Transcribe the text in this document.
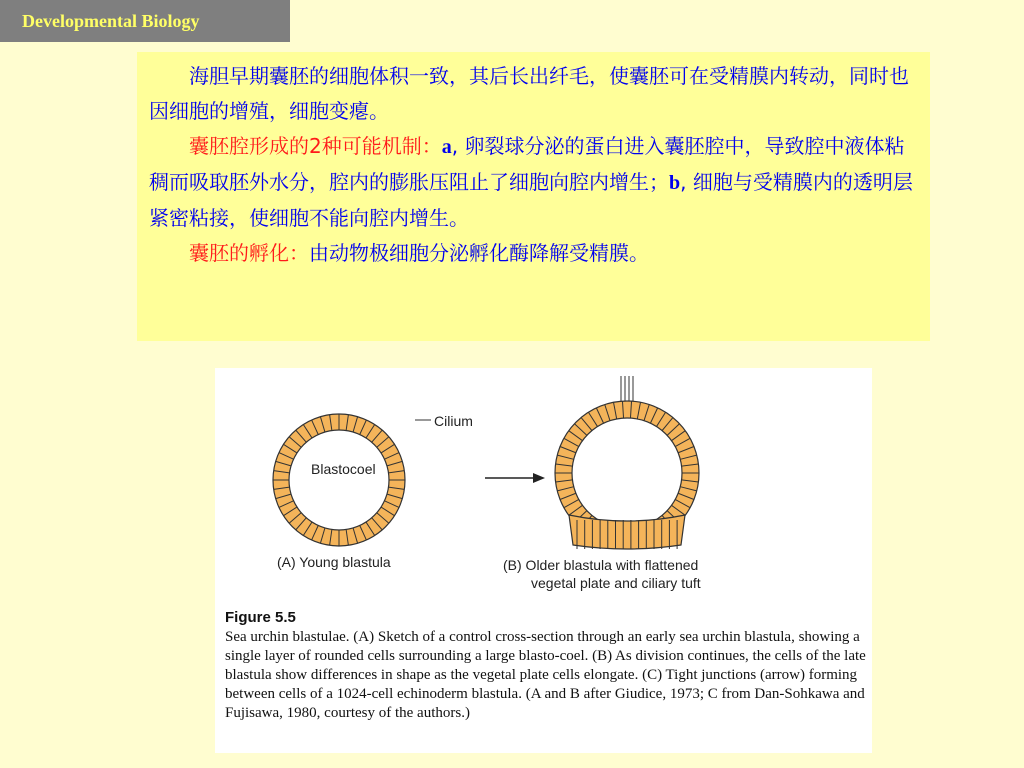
Developmental Biology

海胆早期囊胚的细胞体积一致，其后长出纤毛，使囊胚可在受精膜内转动，同时也因细胞的增殖，细胞变瘪。

囊胚腔形成的2种可能机制：a, 卵裂球分泌的蛋白进入囊胚腔中，导致腔中液体粘稠而吸取胚外水分，腔内的膨胀压阻止了细胞向腔内增生；b, 细胞与受精膜内的透明层紧密粘接，使细胞不能向腔内增生。

囊胚的孵化：由动物极细胞分泌孵化酶降解受精膜。

Cilium
Blastocoel
(A) Young blastula	(B) Older blastula with flattened
vegetal plate and ciliary tuft
Figure 5.5
Sea urchin blastulae. (A) Sketch of a control cross-section through an early sea urchin blastula, showing a single layer of rounded cells surrounding a large blasto-coel. (B) As division continues, the cells of the late blastula show differences in shape as the vegetal plate cells elongate. (C) Tight junctions (arrow) forming between cells of a 1024-cell echinoderm blastula. (A and B after Giudice, 1973; C from Dan-Sohkawa and Fujisawa, 1980, courtesy of the authors.)
